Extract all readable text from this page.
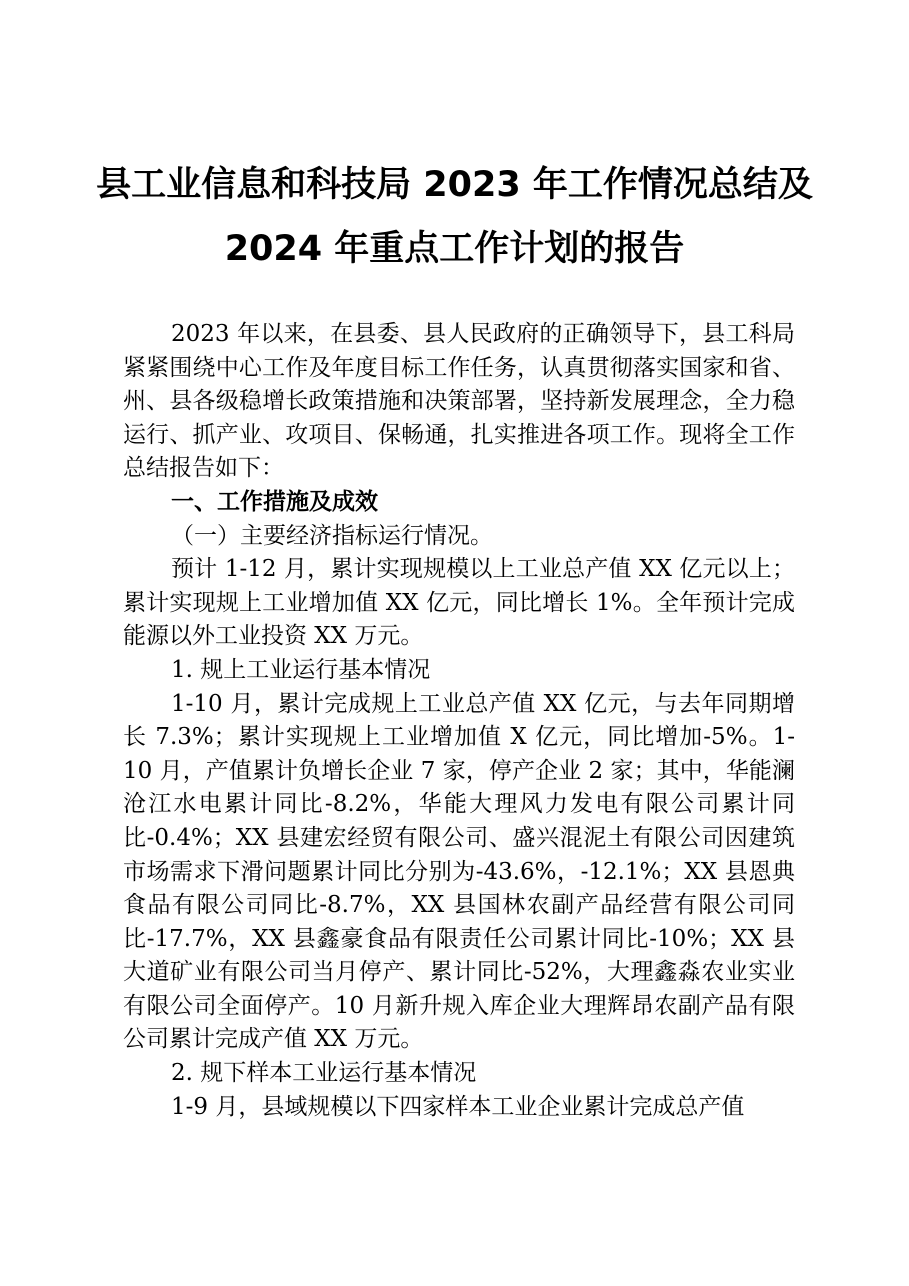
县工业信息和科技局 2023 年工作情况总结及
2024 年重点工作计划的报告

2023 年以来，在县委、县人民政府的正确领导下，县工科局紧紧围绕中心工作及年度目标工作任务，认真贯彻落实国家和省、州、县各级稳增长政策措施和决策部署，坚持新发展理念，全力稳运行、抓产业、攻项目、保畅通，扎实推进各项工作。现将全工作总结报告如下：

一、工作措施及成效

（一）主要经济指标运行情况。

预计 1-12 月，累计实现规模以上工业总产值 XX 亿元以上；累计实现规上工业增加值 XX 亿元，同比增长 1%。全年预计完成能源以外工业投资 XX 万元。

1. 规上工业运行基本情况

1-10 月，累计完成规上工业总产值 XX 亿元，与去年同期增长 7.3%；累计实现规上工业增加值 X 亿元，同比增加-5%。1-10 月，产值累计负增长企业 7 家，停产企业 2 家；其中，华能澜沧江水电累计同比-8.2%，华能大理风力发电有限公司累计同比-0.4%；XX 县建宏经贸有限公司、盛兴混泥土有限公司因建筑市场需求下滑问题累计同比分别为-43.6%，-12.1%；XX 县恩典食品有限公司同比-8.7%，XX 县国林农副产品经营有限公司同比-17.7%，XX 县鑫豪食品有限责任公司累计同比-10%；XX 县大道矿业有限公司当月停产、累计同比-52%，大理鑫淼农业实业有限公司全面停产。10 月新升规入库企业大理辉昂农副产品有限公司累计完成产值 XX 万元。

2. 规下样本工业运行基本情况

1-9 月，县域规模以下四家样本工业企业累计完成总产值
